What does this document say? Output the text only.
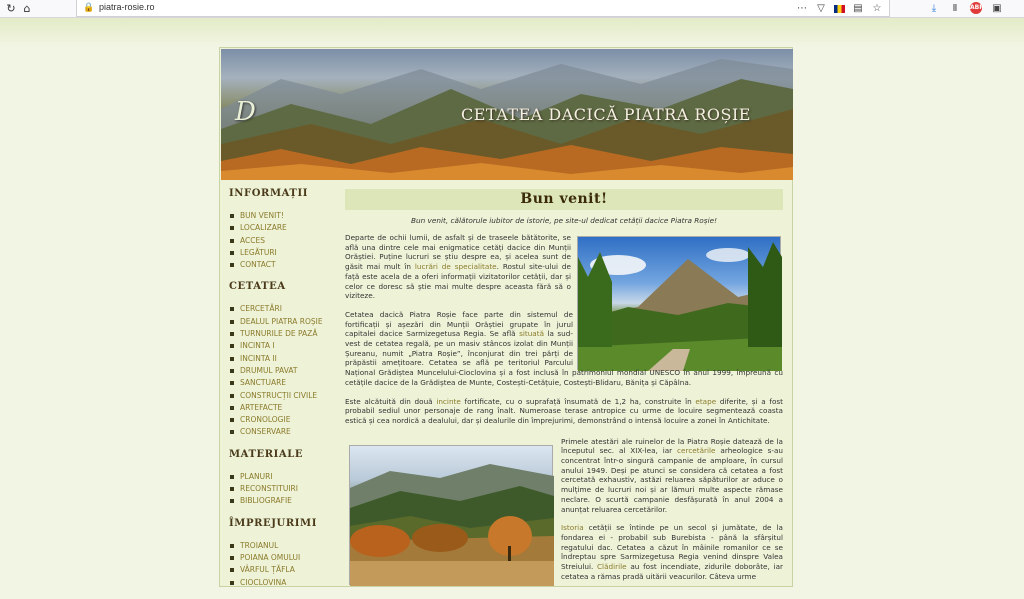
↻ ⌂	🔒 piatra-rosie.ro	⋯ ▽	▤ ☆	⤓	Ⅱ	ABP ▣
D	CETATEA DACICĂ PIATRA ROȘIE
INFORMAȚII
BUN VENIT!
LOCALIZARE
ACCES
LEGĂTURI
CONTACT
CETATEA
CERCETĂRI
DEALUL PIATRA ROȘIE
TURNURILE DE PAZĂ
INCINTA I
INCINTA II
DRUMUL PAVAT
SANCTUARE
CONSTRUCȚII CIVILE
ARTEFACTE
CRONOLOGIE
CONSERVARE
MATERIALE
PLANURI
RECONSTITUIRI
BIBLIOGRAFIE
ÎMPREJURIMI
TROIANUL
POIANA OMULUI
VÂRFUL ȚĂFLA
CIOCLOVINA
Bun venit!
Bun venit, călătorule iubitor de istorie, pe site-ul dedicat cetății dacice Piatra Roșie!
Departe de ochii lumii, de asfalt și de traseele bătătorite, se află una dintre cele mai enigmatice cetăți dacice din Munții Orăștiei. Puține lucruri se știu despre ea, și acelea sunt de găsit mai mult în lucrări de specialitate. Rostul site-ului de față este acela de a oferi informații vizitatorilor cetății, dar și celor ce doresc să știe mai multe despre aceasta fără să o viziteze.
Cetatea dacică Piatra Roșie face parte din sistemul de fortificații și așezări din Munții Orăștiei grupate în jurul capitalei dacice Sarmizegetusa Regia. Se află situată la sud-vest de cetatea regală, pe un masiv stâncos izolat din Munții Șureanu, numit „Piatra Roșie”, înconjurat din trei părți de prăpăstii amețitoare. Cetatea se află pe teritoriul Parcului Național Grădiștea Muncelului-Cioclovina și a fost inclusă în patrimoniul mondial UNESCO în anul 1999, împreună cu cetățile dacice de la Grădiștea de Munte, Costești-Cetățuie, Costești-Blidaru, Bănița și Căpâlna.
Este alcătuită din două incinte fortificate, cu o suprafață însumată de 1,2 ha, construite în etape diferite, și a fost probabil sediul unor personaje de rang înalt. Numeroase terase antropice cu urme de locuire segmentează coasta estică și cea nordică a dealului, dar și dealurile din împrejurimi, demonstrând o intensă locuire a zonei în Antichitate.
Primele atestări ale ruinelor de la Piatra Roșie datează de la începutul sec. al XIX-lea, iar cercetările arheologice s-au concentrat într-o singură campanie de amploare, în cursul anului 1949. Deși pe atunci se considera că cetatea a fost cercetată exhaustiv, astăzi reluarea săpăturilor ar aduce o mulțime de lucruri noi și ar lămuri multe aspecte rămase neclare. O scurtă campanie desfășurată în anul 2004 a anunțat reluarea cercetărilor.
Istoria cetății se întinde pe un secol și jumătate, de la fondarea ei - probabil sub Burebista - până la sfârșitul regatului dac. Cetatea a căzut în mâinile romanilor ce se îndreptau spre Sarmizegetusa Regia venind dinspre Valea Streiului. Clădirile au fost incendiate, zidurile doborâte, iar cetatea a rămas pradă uitării veacurilor. Câteva urme
